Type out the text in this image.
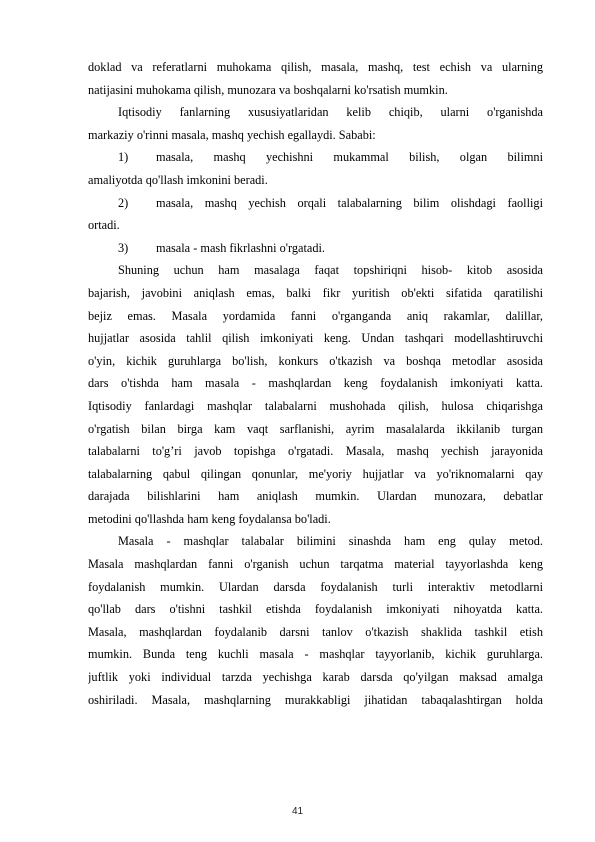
doklad va referatlarni muhokama qilish, masala, mashq, test echish va ularning
natijasini muhokama qilish, munozara va boshqalarni ko'rsatish mumkin.
Iqtisodiy fanlarning xususiyatlaridan kelib chiqib, ularni o'rganishda
markaziy o'rinni masala, mashq yechish egallaydi. Sababi:
1)	masala, mashq yechishni mukammal bilish, olgan bilimni
amaliyotda qo'llash imkonini beradi.
2)	masala, mashq yechish orqali talabalarning bilim olishdagi faolligi
ortadi.
3)	masala - mash fikrlashni o'rgatadi.
Shuning uchun ham masalaga faqat topshiriqni hisob- kitob asosida
bajarish, javobini aniqlash emas, balki fikr yuritish ob'ekti sifatida qaratilishi
bejiz emas. Masala yordamida fanni o'rganganda aniq rakamlar, dalillar,
hujjatlar asosida tahlil qilish imkoniyati keng. Undan tashqari modellashtiruvchi
o'yin, kichik guruhlarga bo'lish, konkurs o'tkazish va boshqa metodlar asosida
dars o'tishda ham masala - mashqlardan keng foydalanish imkoniyati katta.
Iqtisodiy fanlardagi mashqlar talabalarni mushohada qilish, hulosa chiqarishga
o'rgatish bilan birga kam vaqt sarflanishi, ayrim masalalarda ikkilanib turgan
talabalarni to'g’ri javob topishga o'rgatadi. Masala, mashq yechish jarayonida
talabalarning qabul qilingan qonunlar, me'yoriy hujjatlar va yo'riknomalarni qay
darajada bilishlarini ham aniqlash mumkin. Ulardan munozara, debatlar
metodini qo'llashda ham keng foydalansa bo'ladi.
Masala - mashqlar talabalar bilimini sinashda ham eng qulay metod.
Masala mashqlardan fanni o'rganish uchun tarqatma material tayyorlashda keng
foydalanish mumkin. Ulardan darsda foydalanish turli interaktiv metodlarni
qo'llab dars o'tishni tashkil etishda foydalanish imkoniyati nihoyatda katta.
Masala, mashqlardan foydalanib darsni tanlov o'tkazish shaklida tashkil etish
mumkin. Bunda teng kuchli masala - mashqlar tayyorlanib, kichik guruhlarga.
juftlik yoki individual tarzda yechishga karab darsda qo'yilgan maksad amalga
oshiriladi. Masala, mashqlarning murakkabligi jihatidan tabaqalashtirgan holda
41
